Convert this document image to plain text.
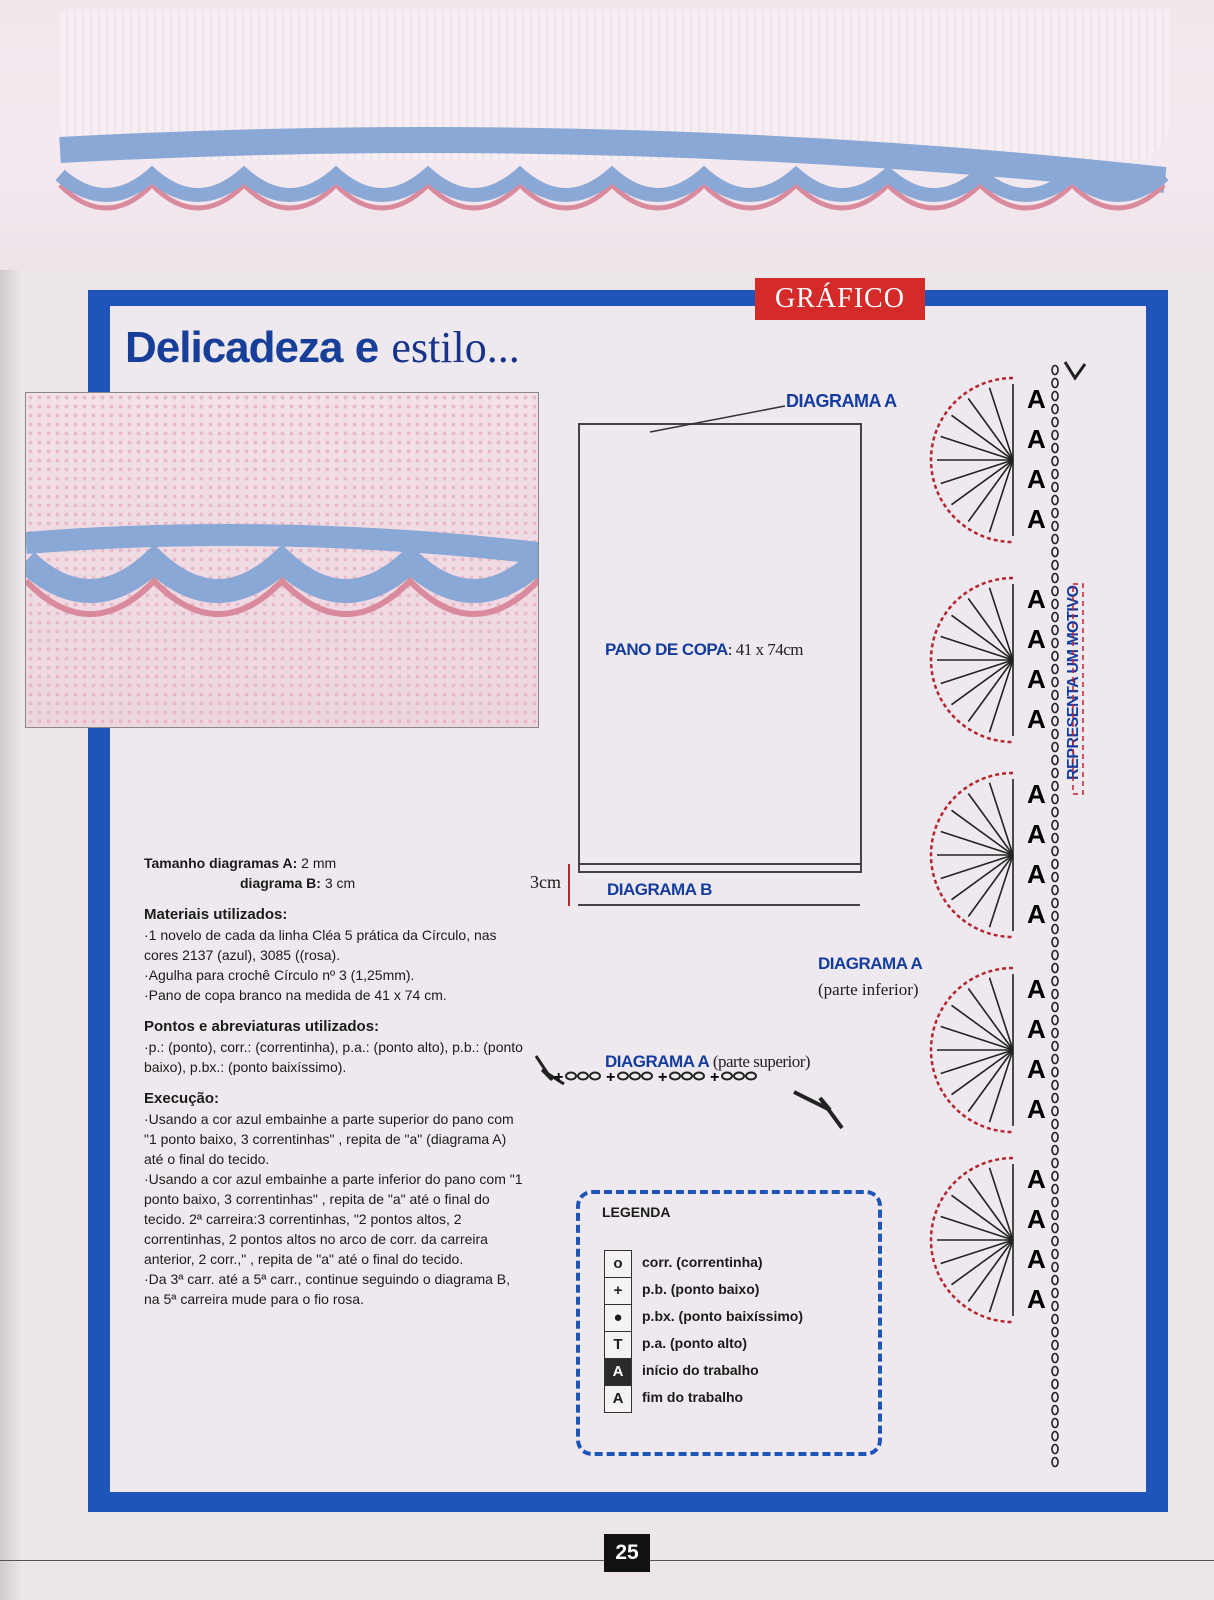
GRÁFICO
Delicadeza e estilo...
DIAGRAMA A
PANO DE COPA: 41 x 74cm
3cm	DIAGRAMA B
DIAGRAMA A
(parte inferior)
DIAGRAMA A (parte superior)
REPRESENTA UM MOTIVO
+	+	+	+
A
A
A
A
A
A
A
A
A
A
A
A
A
A
A
A
A
A
A
A

Tamanho diagramas A: 2 mm

diagrama B: 3 cm

Materiais utilizados:

·1 novelo de cada da linha Cléa 5 prática da Círculo, nas cores 2137 (azul), 3085 ((rosa).

·Agulha para crochê Círculo nº 3 (1,25mm).

·Pano de copa branco na medida de 41 x 74 cm.

Pontos e abreviaturas utilizados:

·p.: (ponto), corr.: (correntinha), p.a.: (ponto alto), p.b.: (ponto baixo), p.bx.: (ponto baixíssimo).

Execução:

·Usando a cor azul embainhe a parte superior do pano com "1 ponto baixo, 3 correntinhas" , repita de "a" (diagrama A) até o final do tecido.

·Usando a cor azul embainhe a parte inferior do pano com "1 ponto baixo, 3 correntinhas" , repita de "a" até o final do tecido. 2ª carreira:3 correntinhas, "2 pontos altos, 2 correntinhas, 2 pontos altos no arco de corr. da carreira anterior, 2 corr.," , repita de "a" até o final do tecido.

·Da 3ª carr. até a 5ª carr., continue seguindo o diagrama B, na 5ª carreira mude para o fio rosa.

LEGENDA
o	corr. (correntinha)
+	p.b. (ponto baixo)
●	p.bx. (ponto baixíssimo)
T	p.a. (ponto alto)
A	início do trabalho
A	fim do trabalho
25
